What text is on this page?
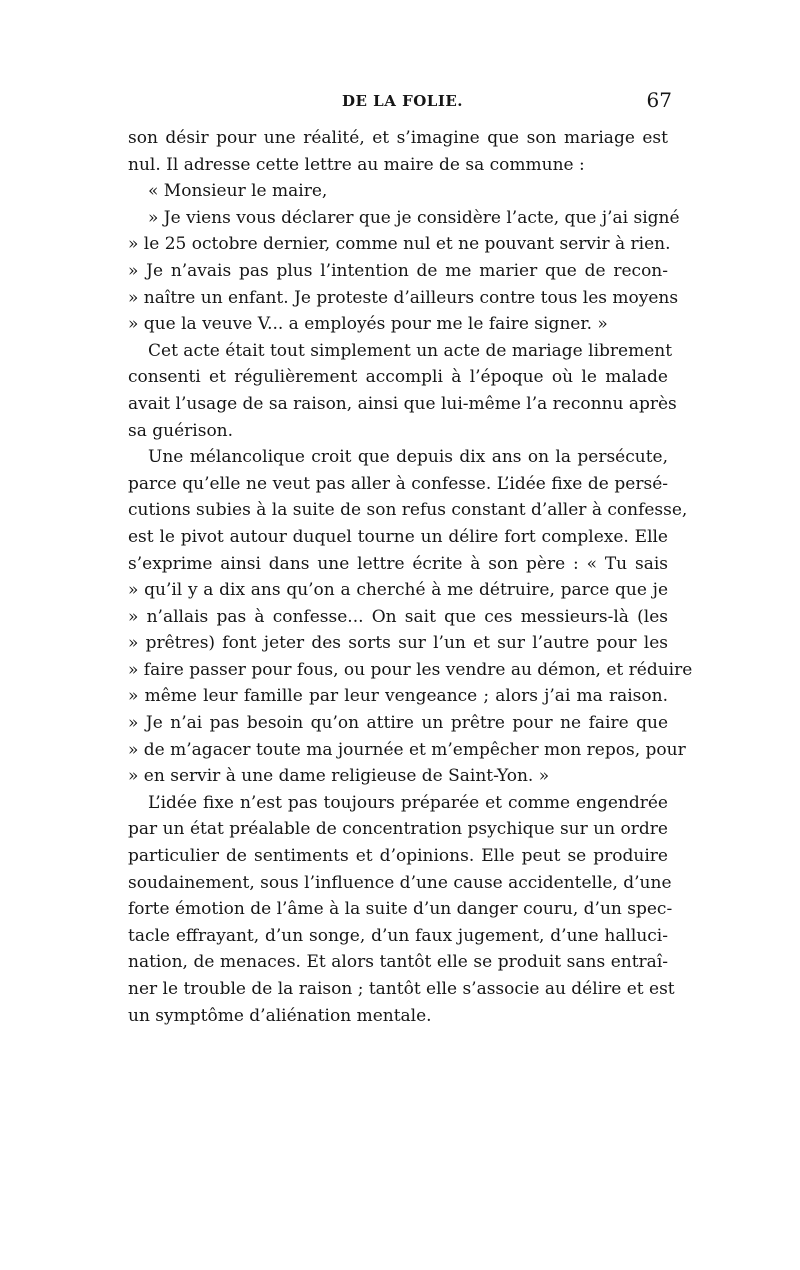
DE LA FOLIE.	67
son désir pour une réalité, et s’imagine que son mariage est
nul. Il adresse cette lettre au maire de sa commune :
« Monsieur le maire,
» Je viens vous déclarer que je considère l’acte, que j’ai signé
» le 25 octobre dernier, comme nul et ne pouvant servir à rien.
» Je n’avais pas plus l’intention de me marier que de recon-
» naître un enfant. Je proteste d’ailleurs contre tous les moyens
» que la veuve V... a employés pour me le faire signer. »
Cet acte était tout simplement un acte de mariage librement
consenti et régulièrement accompli à l’époque où le malade
avait l’usage de sa raison, ainsi que lui-même l’a reconnu après
sa guérison.
Une mélancolique croit que depuis dix ans on la persécute,
parce qu’elle ne veut pas aller à confesse. L’idée fixe de persé-
cutions subies à la suite de son refus constant d’aller à confesse,
est le pivot autour duquel tourne un délire fort complexe. Elle
s’exprime ainsi dans une lettre écrite à son père : « Tu sais
» qu’il y a dix ans qu’on a cherché à me détruire, parce que je
» n’allais pas à confesse... On sait que ces messieurs-là (les
» prêtres) font jeter des sorts sur l’un et sur l’autre pour les
» faire passer pour fous, ou pour les vendre au démon, et réduire
» même leur famille par leur vengeance ; alors j’ai ma raison.
» Je n’ai pas besoin qu’on attire un prêtre pour ne faire que
» de m’agacer toute ma journée et m’empêcher mon repos, pour
» en servir à une dame religieuse de Saint-Yon. »
L’idée fixe n’est pas toujours préparée et comme engendrée
par un état préalable de concentration psychique sur un ordre
particulier de sentiments et d’opinions. Elle peut se produire
soudainement, sous l’influence d’une cause accidentelle, d’une
forte émotion de l’âme à la suite d’un danger couru, d’un spec-
tacle effrayant, d’un songe, d’un faux jugement, d’une halluci-
nation, de menaces. Et alors tantôt elle se produit sans entraî-
ner le trouble de la raison ; tantôt elle s’associe au délire et est
un symptôme d’aliénation mentale.
